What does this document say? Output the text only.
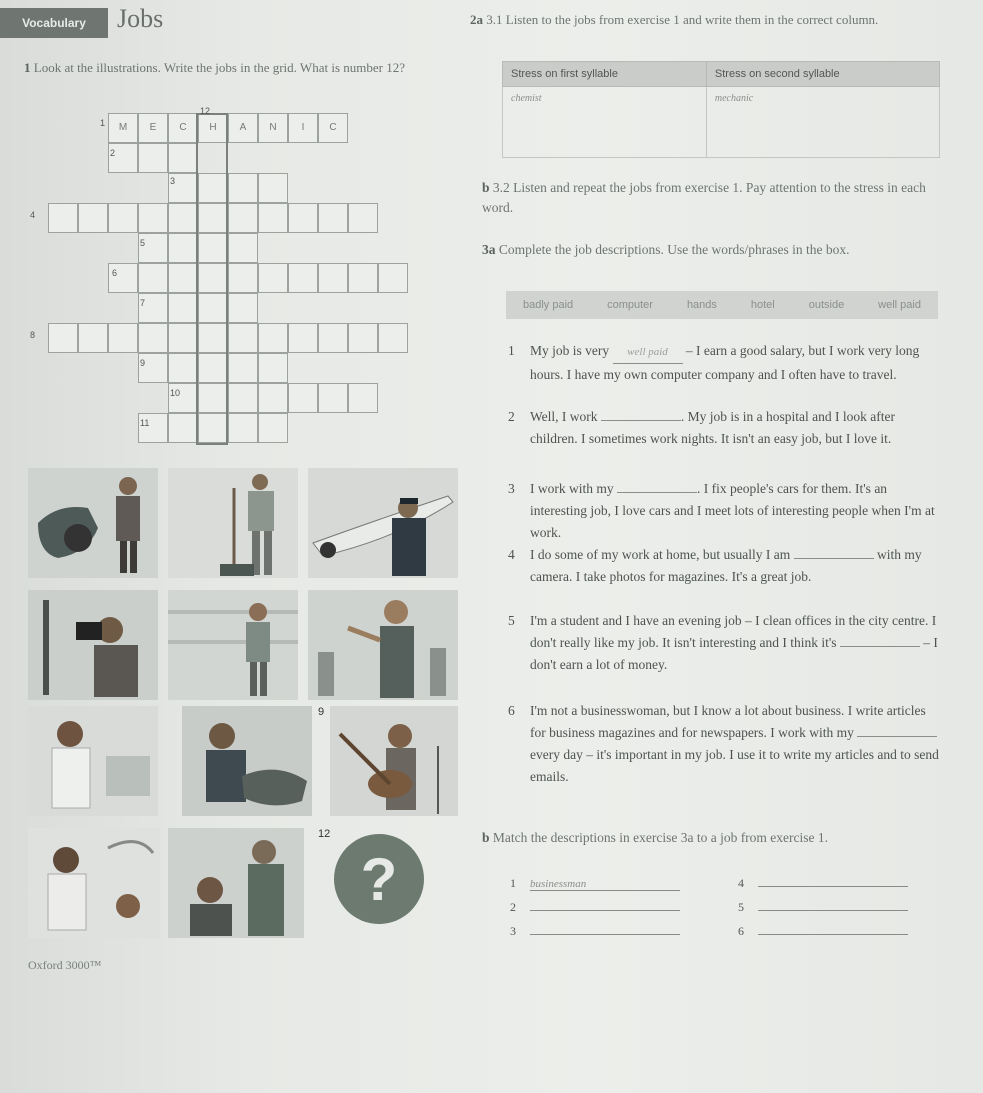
Vocabulary	Jobs
1 Look at the illustrations. Write the jobs in the grid. What is number 12?
9
12
?
2a 3.1 Listen to the jobs from exercise 1 and write them in the correct column.
Stress on first syllable	Stress on second syllable
chemist	mechanic
b 3.2 Listen and repeat the jobs from exercise 1. Pay attention to the stress in each word.
3a Complete the job descriptions. Use the words/phrases in the box.
badly paid	computer	hands	hotel	outside	well paid
1 My job is very well paid – I earn a good salary, but I work very long hours. I have my own computer company and I often have to travel.
2 Well, I work	. My job is in a hospital and I look after children. I sometimes work nights. It isn't an easy job, but I love it.
3 I work with my	. I fix people's cars for them. It's an interesting job, I love cars and I meet lots of interesting people when I'm at work.
4 I do some of my work at home, but usually I am	with my camera. I take photos for magazines. It's a great job.
5 I'm a student and I have an evening job – I clean offices in the city centre. I don't really like my job. It isn't interesting and I think it's	– I don't earn a lot of money.
6 I'm not a businesswoman, but I know a lot about business. I write articles for business magazines and for newspapers. I work with my  every day – it's important in my job. I use it to write my articles and to send emails.
b Match the descriptions in exercise 3a to a job from exercise 1.
1 businessman
2
3
4
5
6
Oxford 3000™
M	E	C	H	A	N	I	C
1
2
3
4
5
6
7
8
9
10
11
12
